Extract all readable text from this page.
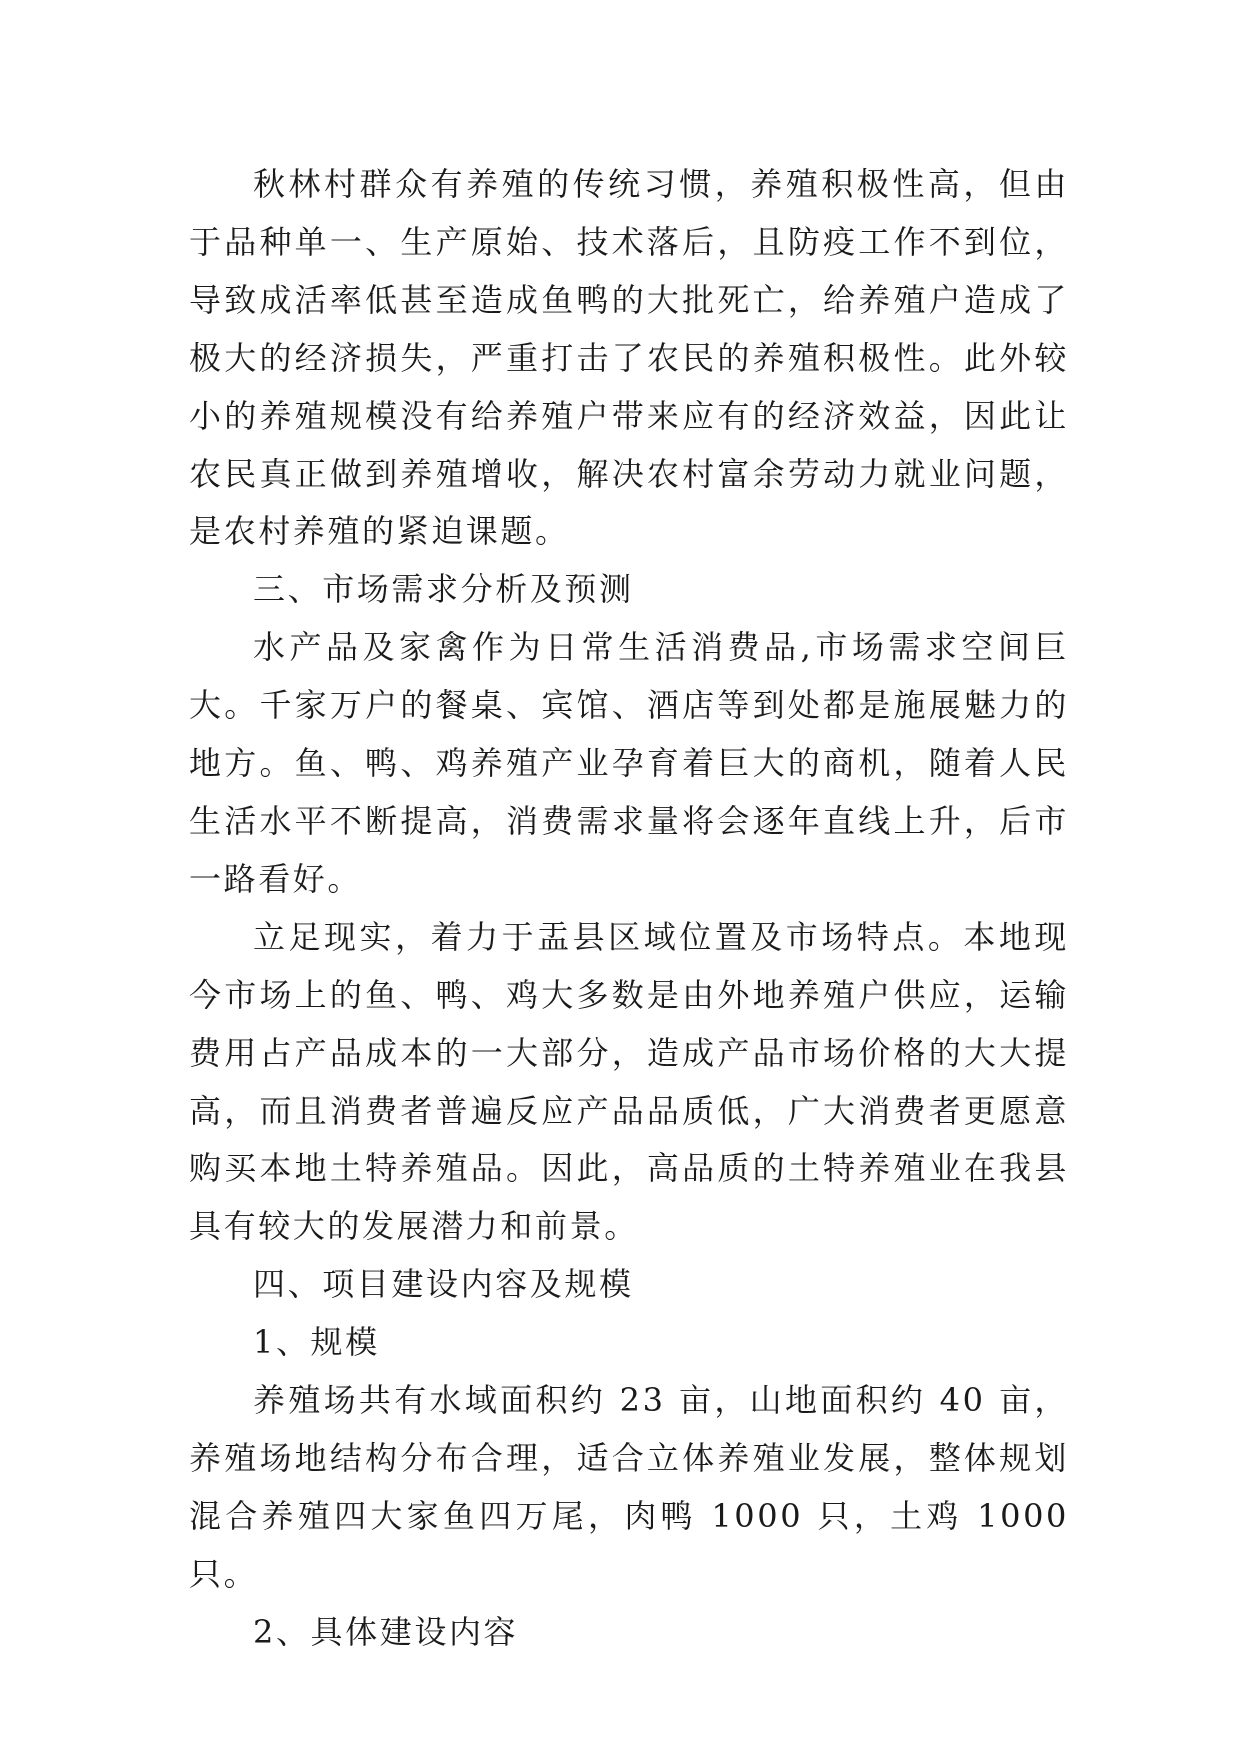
秋林村群众有养殖的传统习惯，养殖积极性高，但由于品种单一、生产原始、技术落后，且防疫工作不到位，导致成活率低甚至造成鱼鸭的大批死亡，给养殖户造成了极大的经济损失，严重打击了农民的养殖积极性。此外较小的养殖规模没有给养殖户带来应有的经济效益，因此让农民真正做到养殖增收，解决农村富余劳动力就业问题，是农村养殖的紧迫课题。

三、市场需求分析及预测

水产品及家禽作为日常生活消费品,市场需求空间巨大。千家万户的餐桌、宾馆、酒店等到处都是施展魅力的地方。鱼、鸭、鸡养殖产业孕育着巨大的商机，随着人民生活水平不断提高，消费需求量将会逐年直线上升，后市一路看好。

立足现实，着力于盂县区域位置及市场特点。本地现今市场上的鱼、鸭、鸡大多数是由外地养殖户供应，运输费用占产品成本的一大部分，造成产品市场价格的大大提高，而且消费者普遍反应产品品质低，广大消费者更愿意购买本地土特养殖品。因此，高品质的土特养殖业在我县具有较大的发展潜力和前景。

四、项目建设内容及规模

1、规模

养殖场共有水域面积约 23 亩，山地面积约 40 亩，养殖场地结构分布合理，适合立体养殖业发展，整体规划混合养殖四大家鱼四万尾，肉鸭 1000 只，土鸡 1000 只。

2、具体建设内容
